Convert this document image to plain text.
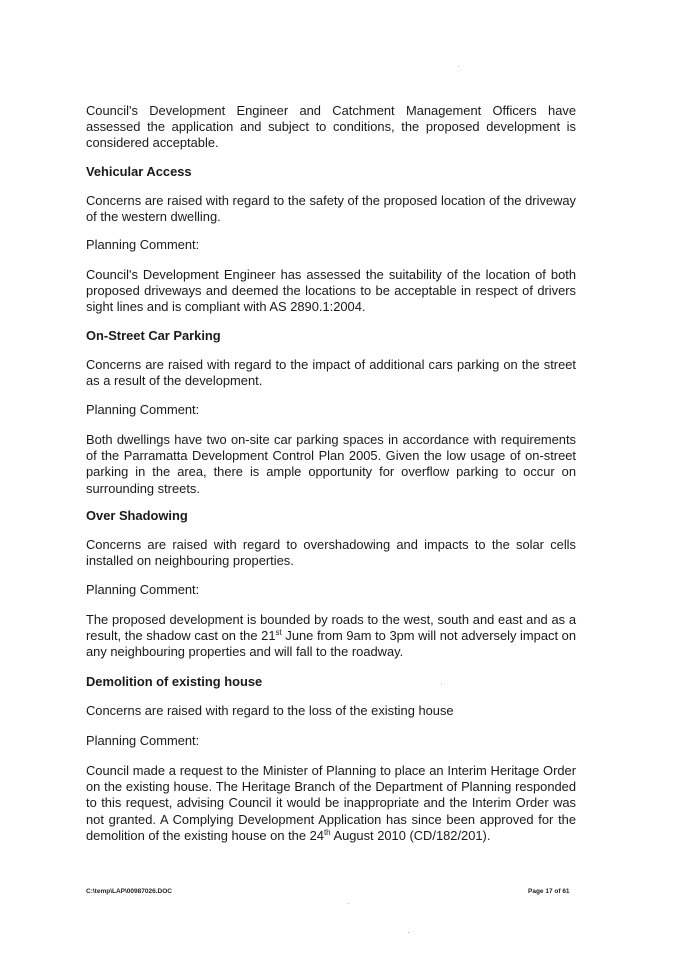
Council's Development Engineer and Catchment Management Officers have assessed the application and subject to conditions, the proposed development is considered acceptable.

Vehicular Access

Concerns are raised with regard to the safety of the proposed location of the driveway of the western dwelling.

Planning Comment:

Council's Development Engineer has assessed the suitability of the location of both proposed driveways and deemed the locations to be acceptable in respect of drivers sight lines and is compliant with AS 2890.1:2004.

On-Street Car Parking

Concerns are raised with regard to the impact of additional cars parking on the street as a result of the development.

Planning Comment:

Both dwellings have two on-site car parking spaces in accordance with requirements of the Parramatta Development Control Plan 2005. Given the low usage of on-street parking in the area, there is ample opportunity for overflow parking to occur on surrounding streets.

Over Shadowing

Concerns are raised with regard to overshadowing and impacts to the solar cells installed on neighbouring properties.

Planning Comment:

The proposed development is bounded by roads to the west, south and east and as a result, the shadow cast on the 21st June from 9am to 3pm will not adversely impact on any neighbouring properties and will fall to the roadway.

Demolition of existing house

Concerns are raised with regard to the loss of the existing house

Planning Comment:

Council made a request to the Minister of Planning to place an Interim Heritage Order on the existing house. The Heritage Branch of the Department of Planning responded to this request, advising Council it would be inappropriate and the Interim Order was not granted. A Complying Development Application has since been approved for the demolition of the existing house on the 24th August 2010 (CD/182/201).

C:\temp\LAP\00987026.DOC	Page 17 of 61
